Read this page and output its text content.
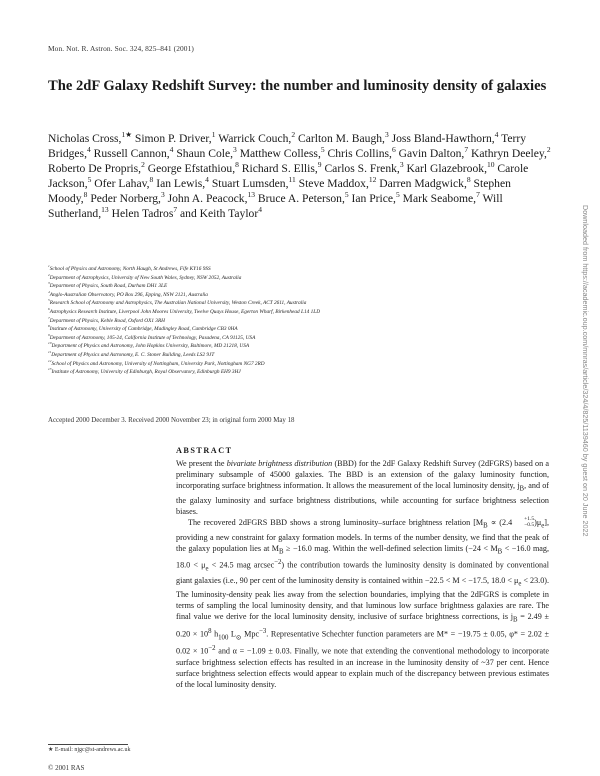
Mon. Not. R. Astron. Soc. 324, 825–841 (2001)
The 2dF Galaxy Redshift Survey: the number and luminosity density of galaxies
Nicholas Cross,$^{1★}$ Simon P. Driver,$^1$ Warrick Couch,$^2$ Carlton M. Baugh,$^3$ Joss Bland-Hawthorn,$^4$ Terry Bridges,$^4$ Russell Cannon,$^4$ Shaun Cole,$^3$ Matthew Colless,$^5$ Chris Collins,$^6$ Gavin Dalton,$^7$ Kathryn Deeley,$^2$ Roberto De Propris,$^2$ George Efstathiou,$^8$ Richard S. Ellis,$^9$ Carlos S. Frenk,$^3$ Karl Glazebrook,$^{10}$ Carole Jackson,$^5$ Ofer Lahav,$^8$ Ian Lewis,$^4$ Stuart Lumsden,$^{11}$ Steve Maddox,$^{12}$ Darren Madgwick,$^8$ Stephen Moody,$^8$ Peder Norberg,$^3$ John A. Peacock,$^{13}$ Bruce A. Peterson,$^5$ Ian Price,$^5$ Mark Seabome,$^7$ Will Sutherland,$^{13}$ Helen Tadros$^7$ and Keith Taylor$^4$
$^1$School of Physics and Astronomy, North Haugh, St Andrews, Fife KY16 9SS
$^2$Department of Astrophysics, University of New South Wales, Sydney, NSW 2052, Australia
$^3$Department of Physics, South Road, Durham DH1 3LE
$^4$Anglo-Australian Observatory, PO Box 296, Epping, NSW 2121, Australia
$^5$Research School of Astronomy and Astrophysics, The Australian National University, Weston Creek, ACT 2611, Australia
$^6$Astrophysics Research Institute, Liverpool John Moores University, Twelve Quays House, Egerton Wharf, Birkenhead L14 1LD
$^7$Department of Physics, Keble Road, Oxford OX1 3RH
$^8$Institute of Astronomy, University of Cambridge, Madingley Road, Cambridge CB3 0HA
$^9$Department of Astronomy, 105-24, California Institute of Technology, Pasadena, CA 91125, USA
$^{10}$Department of Physics and Astronomy, John Hopkins University, Baltimore, MD 21218, USA
$^{11}$Department of Physics and Astronomy, E. C. Stoner Building, Leeds LS2 9JT
$^{12}$School of Physics and Astronomy, University of Nottingham, University Park, Nottingham NG7 2RD
$^{13}$Institute of Astronomy, University of Edinburgh, Royal Observatory, Edinburgh EH9 3HJ
Accepted 2000 December 3. Received 2000 November 23; in original form 2000 May 18
ABSTRACT

We present the bivariate brightness distribution (BBD) for the 2dF Galaxy Redshift Survey (2dFGRS) based on a preliminary subsample of 45000 galaxies. The BBD is an extension of the galaxy luminosity function, incorporating surface brightness information. It allows the measurement of the local luminosity density, $j_B$, and of the galaxy luminosity and surface brightness distributions, while accounting for surface brightness selection biases.

The recovered 2dFGRS BBD shows a strong luminosity–surface brightness relation [$M_B \propto (2.4$	+1.5
−0.5 )$\mu_e$], providing a new constraint for galaxy formation models. In terms of the number density, we find that the peak of the galaxy population lies at $M_B \ge -16.0$ mag. Within the well-defined selection limits ($-24 < M_B < -16.0$ mag, $18.0 < \mu_e < 24.5$ mag arcsec$^{-2}$) the contribution towards the luminosity density is dominated by conventional giant galaxies (i.e., 90 per cent of the luminosity density is contained within −22.5 < M < −17.5, $18.0 < \mu_e < 23.0$). The luminosity-density peak lies away from the selection boundaries, implying that the 2dFGRS is complete in terms of sampling the local luminosity density, and that luminous low surface brightness galaxies are rare. The final value we derive for the local luminosity density, inclusive of surface brightness corrections, is $j_B = 2.49 \pm 0.20 \times 10^8$ $h_{100}$ $L_⊙$ Mpc$^{-3}$. Representative Schechter function parameters are M* = −19.75 ± 0.05, $\varphi* = 2.02 \pm 0.02 \times 10^{-2}$ and α = −1.09 ± 0.03. Finally, we note that extending the conventional methodology to incorporate surface brightness selection effects has resulted in an increase in the luminosity density of ~37 per cent. Hence surface brightness selection effects would appear to explain much of the discrepancy between previous estimates of the local luminosity density.

★ E-mail: njgc@st-andrews.ac.uk
© 2001 RAS
Downloaded from https://academic.oup.com/mnras/article/324/4/825/1139460 by guest on 20 June 2022
